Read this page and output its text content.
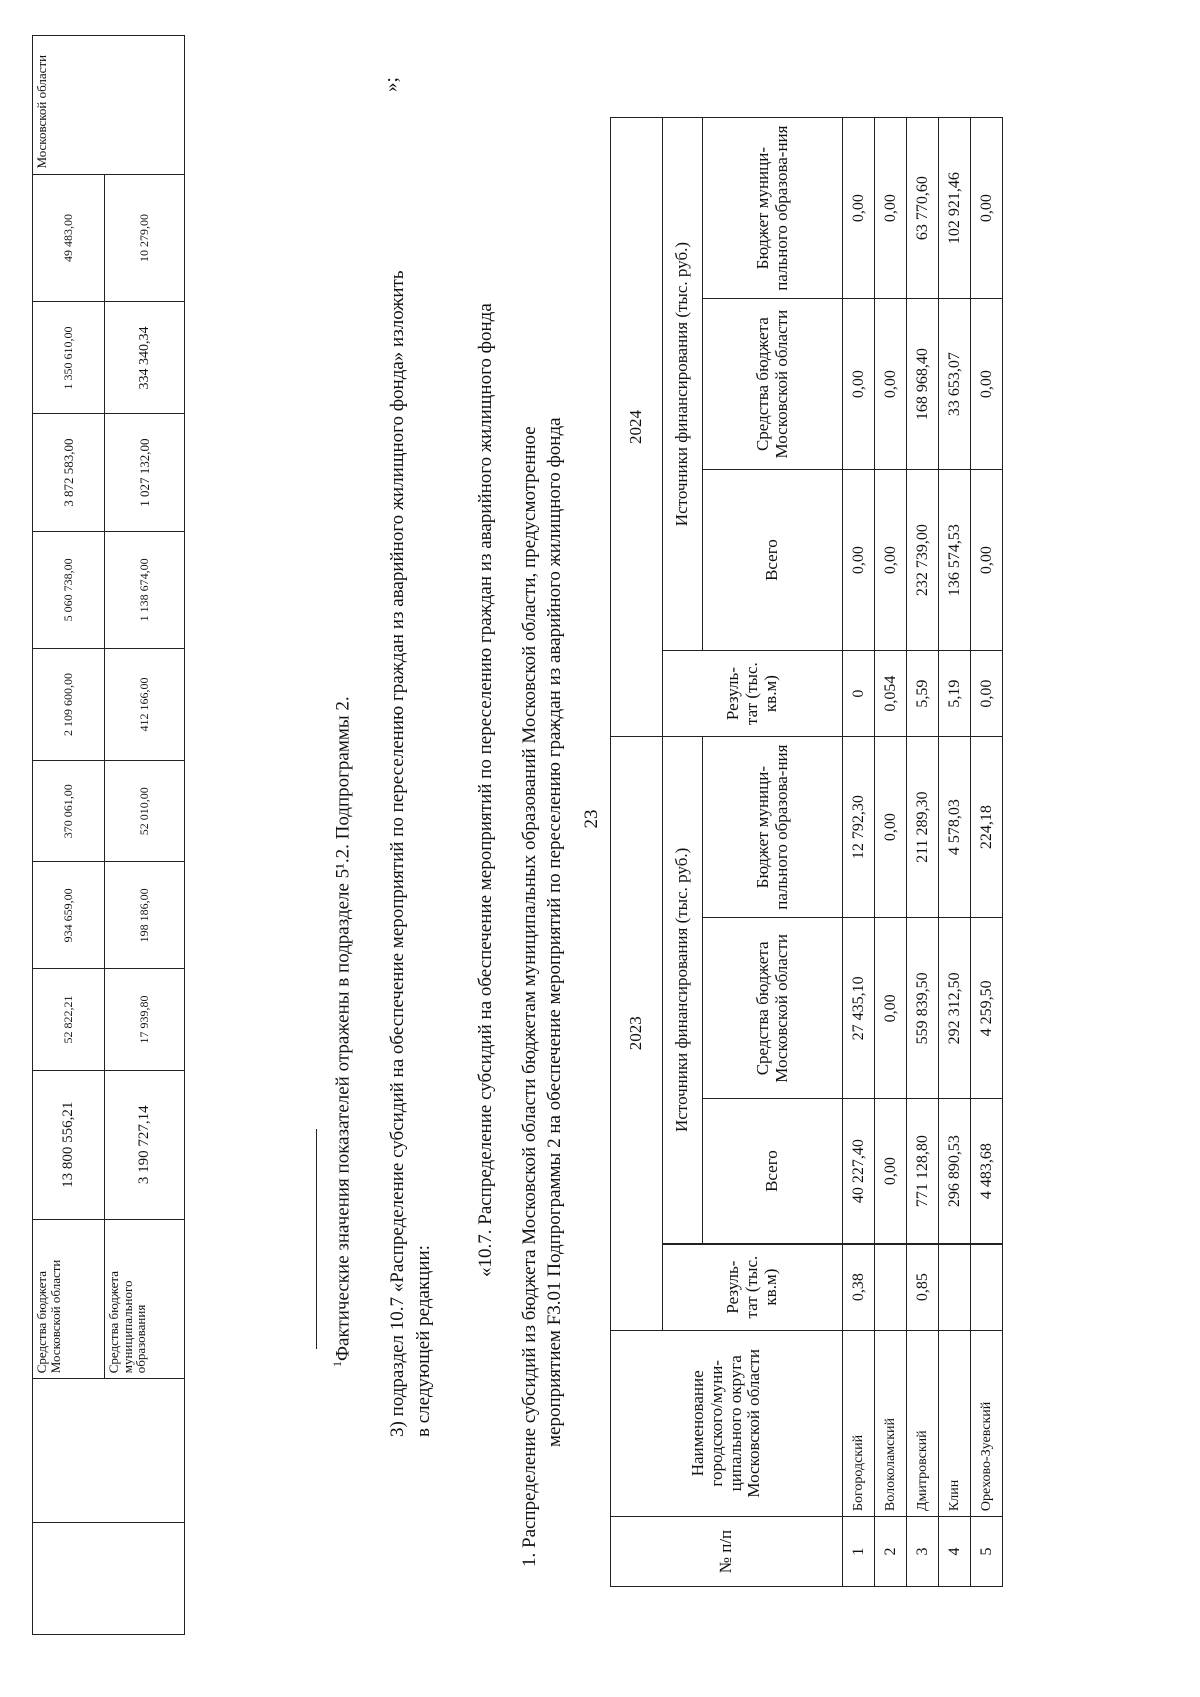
23
		Средства бюджета Московской области	13 800 556,21	52 822,21	934 659,00	370 061,00	2 109 600,00	5 060 738,00	3 872 583,00	1 350 610,00	49 483,00	Московской области
		Средства бюджета муниципального образования	3 190 727,14	17 939,80	198 186,00	52 010,00	412 166,00	1 138 674,00	1 027 132,00	334 340,34	10 279,00	
$^1$Фактические значения показателей отражены в подразделе 5¹.2. Подпрограммы 2. 3) подраздел 10.7 «Распределение субсидий на обеспечение мероприятий по переселению граждан из аварийного жилищного фонда» изложить
»;
в следующей редакции:
«10.7. Распределение субсидий на обеспечение мероприятий по переселению граждан из аварийного жилищного фонда 1. Распределение субсидий из бюджета Московской области бюджетам муниципальных образований Московской области, предусмотренное мероприятием F3.01 Подпрограммы 2 на обеспечение мероприятий по переселению граждан из аварийного жилищного фонда
№ п/п	Наименование городского/муни-ципального округа Московской области	2023				2024			
		Резуль-тат (тыс. кв.м)		Источники финансирования (тыс. руб.)			Резуль-тат (тыс. кв.м)	Источники финансирования (тыс. руб.)		
			Всего	Средства бюджета Московской области	Бюджет муници-пального образова-ния		Всего	Средства бюджета Московской области	Бюджет муници-пального образова-ния
1	Богородский	0,38		40 227,40	27 435,10	12 792,30	0	0,00	0,00	0,00
2	Волоколамский			0,00	0,00	0,00	0,054	0,00	0,00	0,00
3	Дмитровский	0,85		771 128,80	559 839,50	211 289,30	5,59	232 739,00	168 968,40	63 770,60
4	Клин			296 890,53	292 312,50	4 578,03	5,19	136 574,53	33 653,07	102 921,46
5	Орехово-Зуевский			4 483,68	4 259,50	224,18	0,00	0,00	0,00	0,00
